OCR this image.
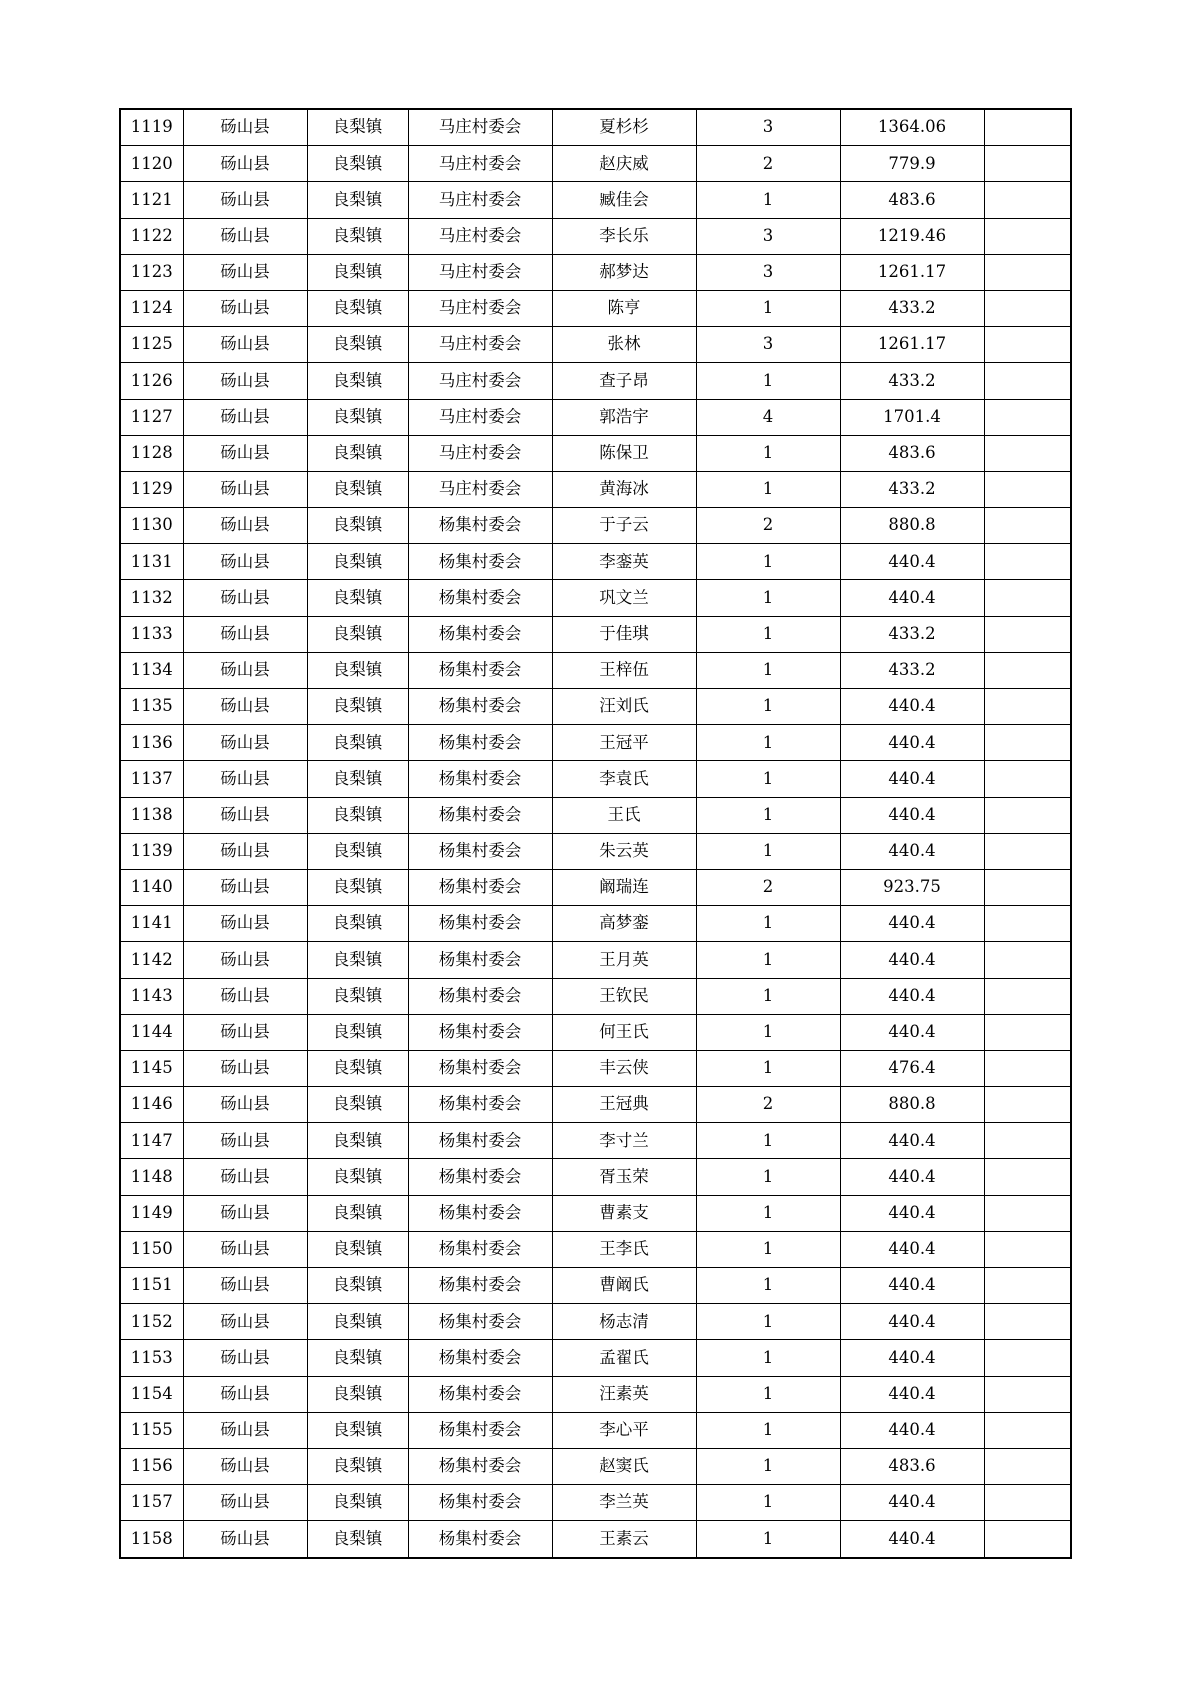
1119	砀山县	良梨镇	马庄村委会	夏杉杉	3	1364.06	
1120	砀山县	良梨镇	马庄村委会	赵庆威	2	779.9	
1121	砀山县	良梨镇	马庄村委会	臧佳会	1	483.6	
1122	砀山县	良梨镇	马庄村委会	李长乐	3	1219.46	
1123	砀山县	良梨镇	马庄村委会	郝梦达	3	1261.17	
1124	砀山县	良梨镇	马庄村委会	陈亨	1	433.2	
1125	砀山县	良梨镇	马庄村委会	张林	3	1261.17	
1126	砀山县	良梨镇	马庄村委会	查子昂	1	433.2	
1127	砀山县	良梨镇	马庄村委会	郭浩宇	4	1701.4	
1128	砀山县	良梨镇	马庄村委会	陈保卫	1	483.6	
1129	砀山县	良梨镇	马庄村委会	黄海冰	1	433.2	
1130	砀山县	良梨镇	杨集村委会	于子云	2	880.8	
1131	砀山县	良梨镇	杨集村委会	李銮英	1	440.4	
1132	砀山县	良梨镇	杨集村委会	巩文兰	1	440.4	
1133	砀山县	良梨镇	杨集村委会	于佳琪	1	433.2	
1134	砀山县	良梨镇	杨集村委会	王梓伍	1	433.2	
1135	砀山县	良梨镇	杨集村委会	汪刘氏	1	440.4	
1136	砀山县	良梨镇	杨集村委会	王冠平	1	440.4	
1137	砀山县	良梨镇	杨集村委会	李袁氏	1	440.4	
1138	砀山县	良梨镇	杨集村委会	王氏	1	440.4	
1139	砀山县	良梨镇	杨集村委会	朱云英	1	440.4	
1140	砀山县	良梨镇	杨集村委会	阚瑞连	2	923.75	
1141	砀山县	良梨镇	杨集村委会	高梦銮	1	440.4	
1142	砀山县	良梨镇	杨集村委会	王月英	1	440.4	
1143	砀山县	良梨镇	杨集村委会	王钦民	1	440.4	
1144	砀山县	良梨镇	杨集村委会	何王氏	1	440.4	
1145	砀山县	良梨镇	杨集村委会	丰云侠	1	476.4	
1146	砀山县	良梨镇	杨集村委会	王冠典	2	880.8	
1147	砀山县	良梨镇	杨集村委会	李寸兰	1	440.4	
1148	砀山县	良梨镇	杨集村委会	胥玉荣	1	440.4	
1149	砀山县	良梨镇	杨集村委会	曹素支	1	440.4	
1150	砀山县	良梨镇	杨集村委会	王李氏	1	440.4	
1151	砀山县	良梨镇	杨集村委会	曹阚氏	1	440.4	
1152	砀山县	良梨镇	杨集村委会	杨志清	1	440.4	
1153	砀山县	良梨镇	杨集村委会	孟翟氏	1	440.4	
1154	砀山县	良梨镇	杨集村委会	汪素英	1	440.4	
1155	砀山县	良梨镇	杨集村委会	李心平	1	440.4	
1156	砀山县	良梨镇	杨集村委会	赵窦氏	1	483.6	
1157	砀山县	良梨镇	杨集村委会	李兰英	1	440.4	
1158	砀山县	良梨镇	杨集村委会	王素云	1	440.4	
